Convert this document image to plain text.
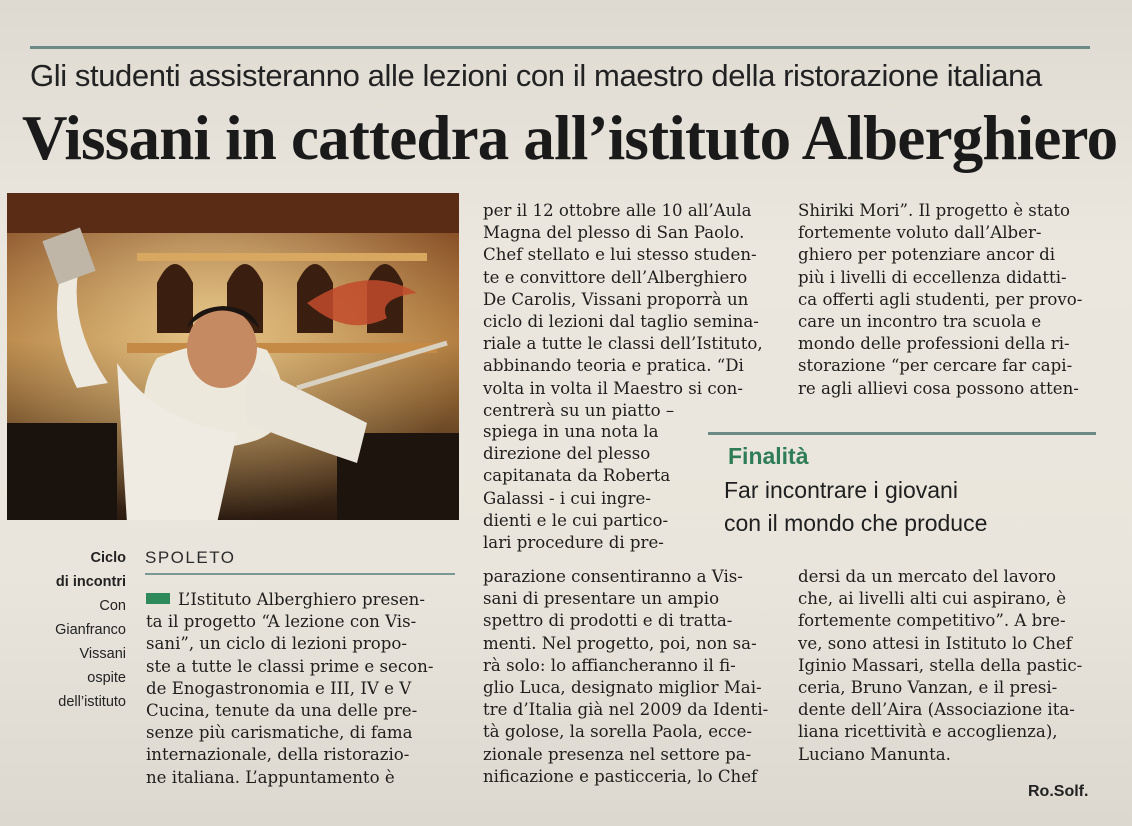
Gli studenti assisteranno alle lezioni con il maestro della ristorazione italiana
Vissani in cattedra all’istituto Alberghiero
Ciclo
di incontri
Con
Gianfranco
Vissani
ospite
dell’istituto
SPOLETO
L’Istituto Alberghiero presen-
ta il progetto “A lezione con Vis-
sani”, un ciclo di lezioni propo-
ste a tutte le classi prime e secon-
de Enogastronomia e III, IV e V
Cucina, tenute da una delle pre-
senze più carismatiche, di fama
internazionale, della ristorazio-
ne italiana. L’appuntamento è
per il 12 ottobre alle 10 all’Aula
Magna del plesso di San Paolo.
Chef stellato e lui stesso studen-
te e convittore dell’Alberghiero
De Carolis, Vissani proporrà un
ciclo di lezioni dal taglio semina-
riale a tutte le classi dell’Istituto,
abbinando teoria e pratica. “Di
volta in volta il Maestro si con-
centrerà su un piatto –
spiega in una nota la
direzione del plesso
capitanata da Roberta
Galassi - i cui ingre-
dienti e le cui partico-
lari procedure di pre-
parazione consentiranno a Vis-
sani di presentare un ampio
spettro di prodotti e di tratta-
menti. Nel progetto, poi, non sa-
rà solo: lo affiancheranno il fi-
glio Luca, designato miglior Mai-
tre d’Italia già nel 2009 da Identi-
tà golose, la sorella Paola, ecce-
zionale presenza nel settore pa-
nificazione e pasticceria, lo Chef
Shiriki Mori”. Il progetto è stato
fortemente voluto dall’Alber-
ghiero per potenziare ancor di
più i livelli di eccellenza didatti-
ca offerti agli studenti, per provo-
care un incontro tra scuola e
mondo delle professioni della ri-
storazione “per cercare far capi-
re agli allievi cosa possono atten-
Finalità
Far incontrare i giovani
con il mondo che produce
dersi da un mercato del lavoro
che, ai livelli alti cui aspirano, è
fortemente competitivo”. A bre-
ve, sono attesi in Istituto lo Chef
Iginio Massari, stella della pastic-
ceria, Bruno Vanzan, e il presi-
dente dell’Aira (Associazione ita-
liana ricettività e accoglienza),
Luciano Manunta.
Ro.Solf.
